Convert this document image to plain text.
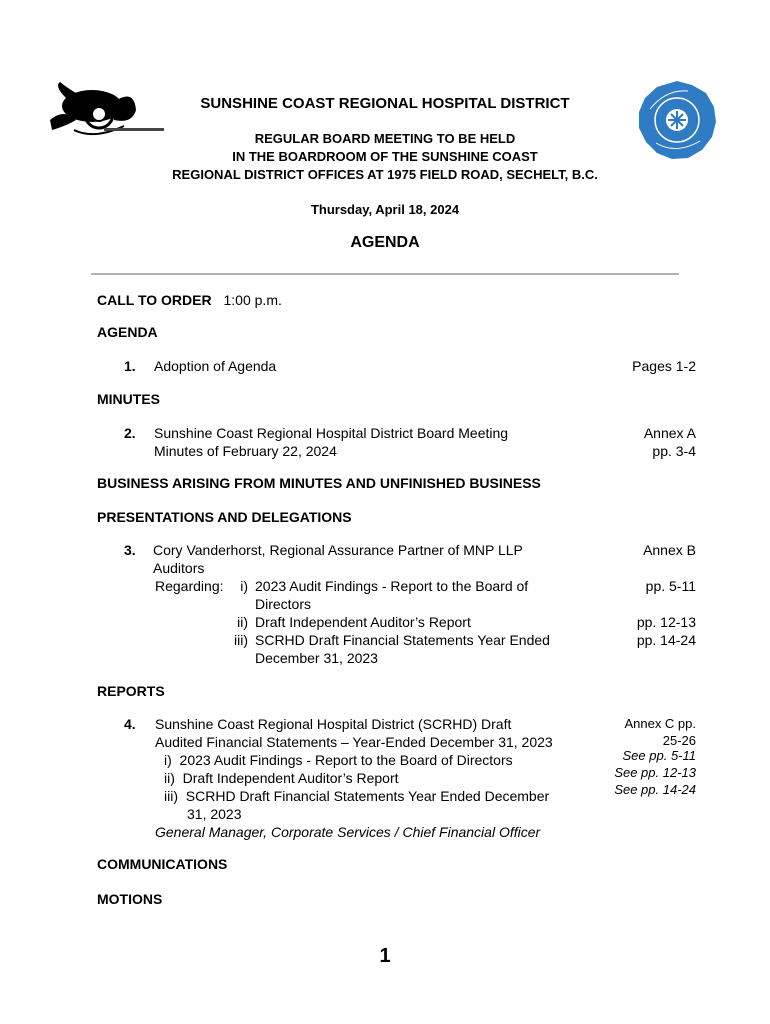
SUNSHINE COAST REGIONAL HOSPITAL DISTRICT
REGULAR BOARD MEETING TO BE HELD
IN THE BOARDROOM OF THE SUNSHINE COAST
REGIONAL DISTRICT OFFICES AT 1975 FIELD ROAD, SECHELT, B.C.
Thursday, April 18, 2024
AGENDA
CALL TO ORDER 1:00 p.m.
AGENDA
1. Adoption of Agenda	Pages 1-2
MINUTES
2. Sunshine Coast Regional Hospital District Board Meeting
Minutes of February 22, 2024
Annex A
pp. 3-4
BUSINESS ARISING FROM MINUTES AND UNFINISHED BUSINESS
PRESENTATIONS AND DELEGATIONS
3. Cory Vanderhorst, Regional Assurance Partner of MNP LLP
Auditors
Regarding:	i) 2023 Audit Findings - Report to the Board of
Directors
ii) Draft Independent Auditor’s Report
iii) SCRHD Draft Financial Statements Year Ended
December 31, 2023
Annex B
pp. 5-11
pp. 12-13
pp. 14-24
REPORTS
4. Sunshine Coast Regional Hospital District (SCRHD) Draft
Audited Financial Statements – Year-Ended December 31, 2023
i)  2023 Audit Findings - Report to the Board of Directors
ii)  Draft Independent Auditor’s Report
iii)  SCRHD Draft Financial Statements Year Ended December
31, 2023
General Manager, Corporate Services / Chief Financial Officer
Annex C pp.
25-26
See pp. 5-11
See pp. 12-13
See pp. 14-24
COMMUNICATIONS
MOTIONS
1
